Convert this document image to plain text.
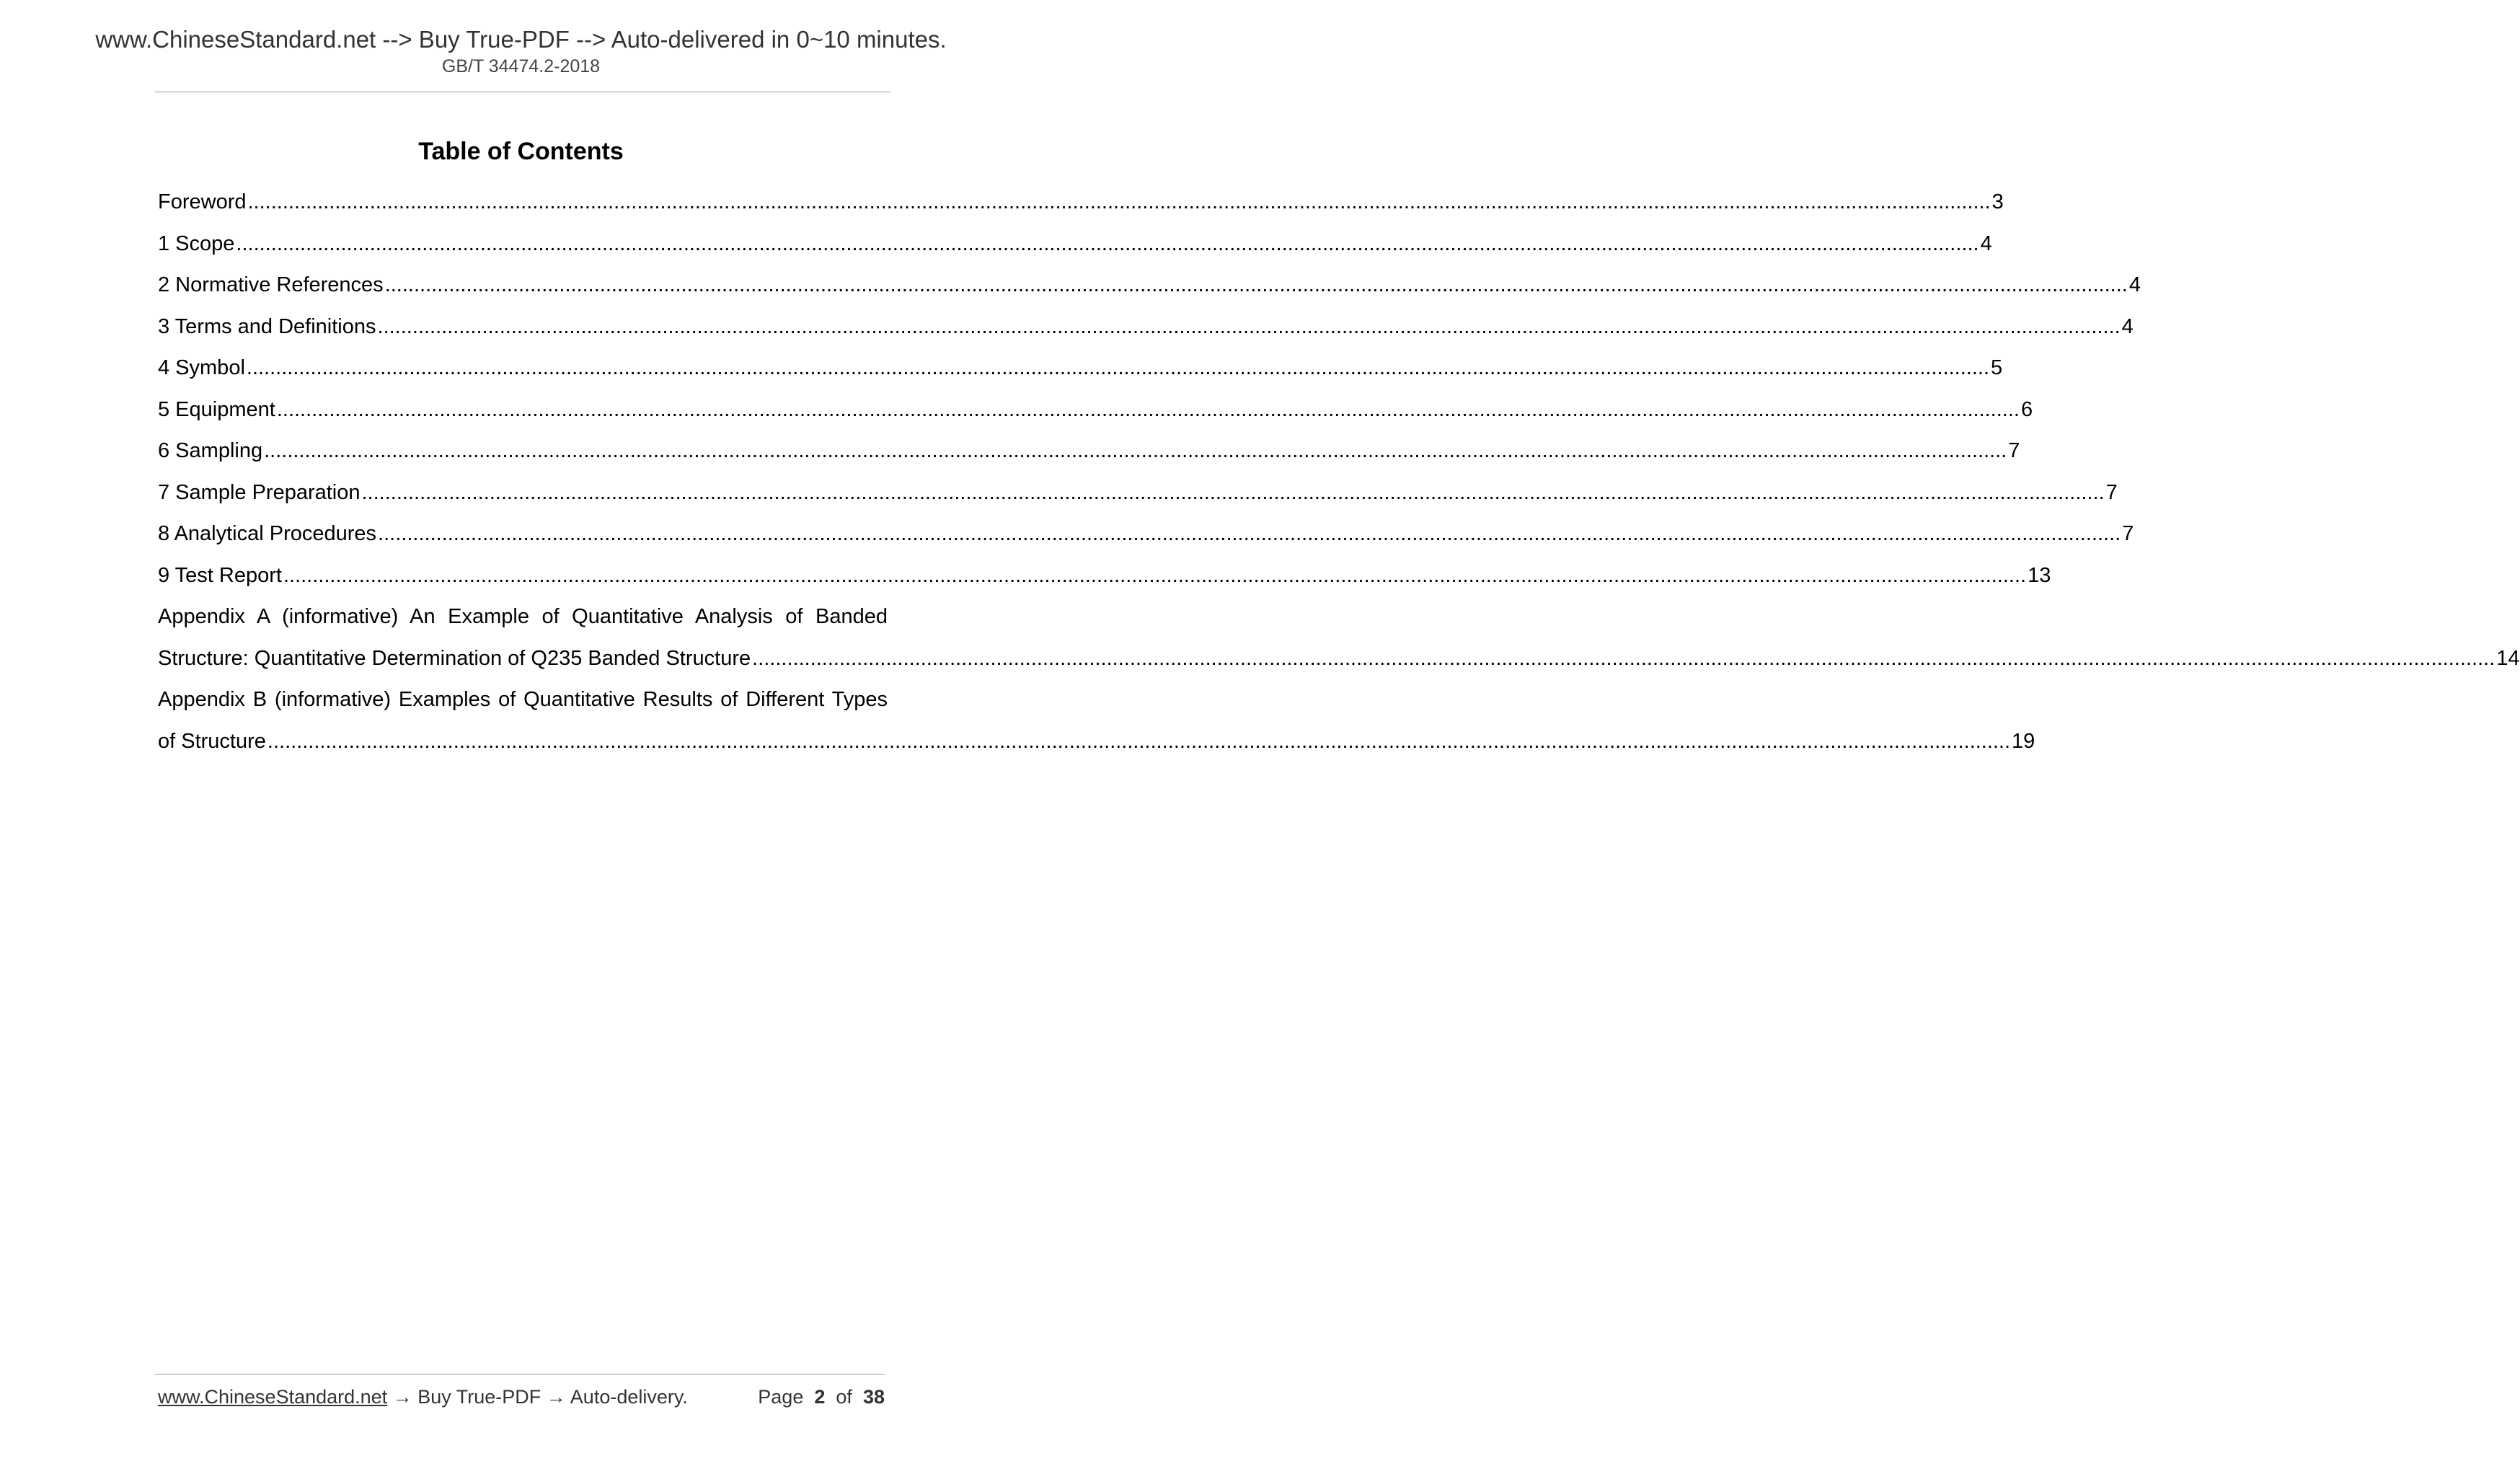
www.ChineseStandard.net --> Buy True-PDF --> Auto-delivered in 0~10 minutes.
GB/T 34474.2-2018
Table of Contents
Foreword ............................................................................................................................................................................................................................................................................................................ 3
1 Scope ............................................................................................................................................................................................................................................................................................................ 4
2 Normative References ............................................................................................................................................................................................................................................................................................................ 4
3 Terms and Definitions ............................................................................................................................................................................................................................................................................................................ 4
4 Symbol ............................................................................................................................................................................................................................................................................................................ 5
5 Equipment ............................................................................................................................................................................................................................................................................................................ 6
6 Sampling ............................................................................................................................................................................................................................................................................................................ 7
7 Sample Preparation ............................................................................................................................................................................................................................................................................................................ 7
8 Analytical Procedures ............................................................................................................................................................................................................................................................................................................ 7
9 Test Report ............................................................................................................................................................................................................................................................................................................ 13
Appendix A (informative) An Example of Quantitative Analysis of Banded
Structure: Quantitative Determination of Q235 Banded Structure ............................................................................................................................................................................................................................................................................................................ 14
Appendix B (informative) Examples of Quantitative Results of Different Types
of Structure ............................................................................................................................................................................................................................................................................................................ 19
www.ChineseStandard.net → Buy True-PDF → Auto-delivery.	Page 2 of 38
